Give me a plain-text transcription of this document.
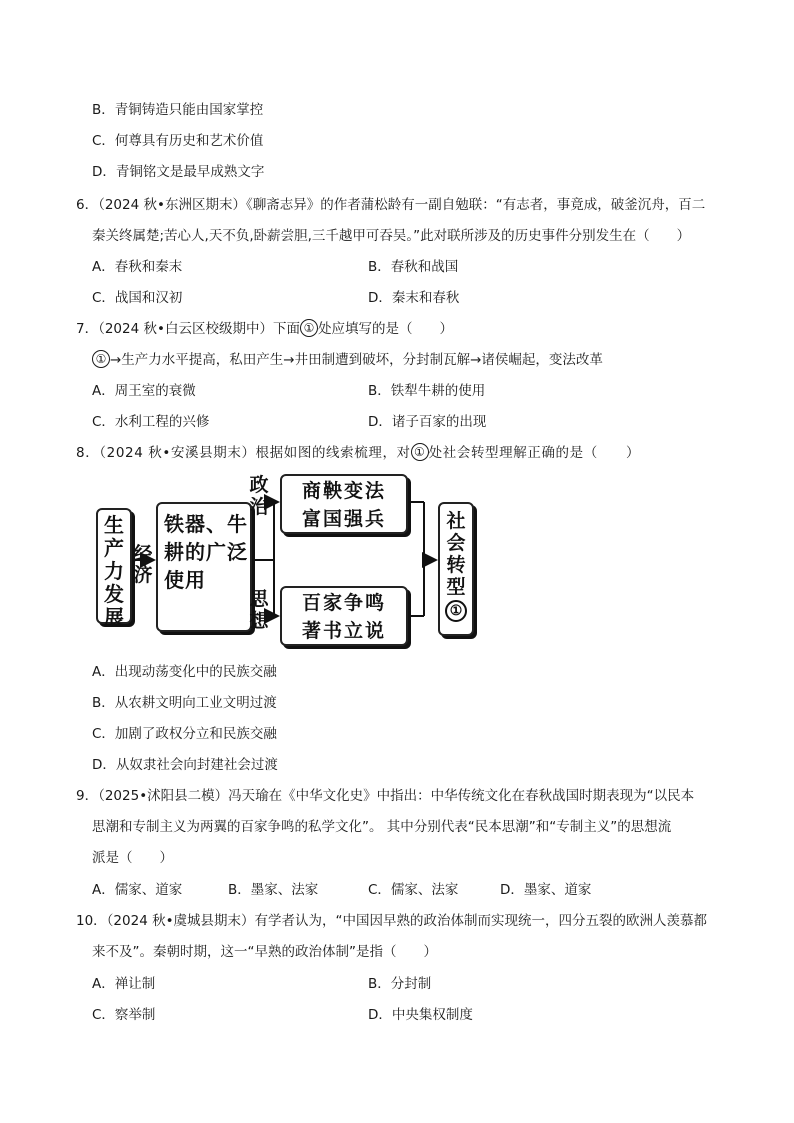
B．青铜铸造只能由国家掌控
C．何尊具有历史和艺术价值
D．青铜铭文是最早成熟文字
6．（2024 秋•东洲区期末）《聊斋志异》的作者蒲松龄有一副自勉联：“有志者，事竟成，破釜沉舟，百二
秦关终属楚;苦心人,天不负,卧薪尝胆,三千越甲可吞吴。”此对联所涉及的历史事件分别发生在（　　）
A．春秋和秦末	B．春秋和战国
C．战国和汉初	D．秦末和春秋
7．（2024 秋•白云区校级期中）下面 ① 处应填写的是（　　）
① →生产力水平提高，私田产生→井田制遭到破坏，分封制瓦解→诸侯崛起，变法改革
A．周王室的衰微	B．铁犁牛耕的使用
C．水利工程的兴修	D．诸子百家的出现
8．（2024 秋•安溪县期末）根据如图的线索梳理，对 ① 处社会转型理解正确的是（　　）
生产力发展
经济
铁器、牛耕的广泛使用
政治
思想
商鞅变法
富国强兵
百家争鸣
著书立说
社会转型
①
A．出现动荡变化中的民族交融
B．从农耕文明向工业文明过渡
C．加剧了政权分立和民族交融
D．从奴隶社会向封建社会过渡
9．（2025•沭阳县二模）冯天瑜在《中华文化史》中指出：中华传统文化在春秋战国时期表现为“以民本
思潮和专制主义为两翼的百家争鸣的私学文化”。 其中分别代表“民本思潮”和“专制主义”的思想流
派是（　　）
A．儒家、道家	B．墨家、法家	C．儒家、法家	D．墨家、道家
10．（2024 秋•虞城县期末）有学者认为，“中国因早熟的政治体制而实现统一，四分五裂的欧洲人羡慕都
来不及”。秦朝时期，这一“早熟的政治体制”是指（　　）
A．禅让制	B．分封制
C．察举制	D．中央集权制度
